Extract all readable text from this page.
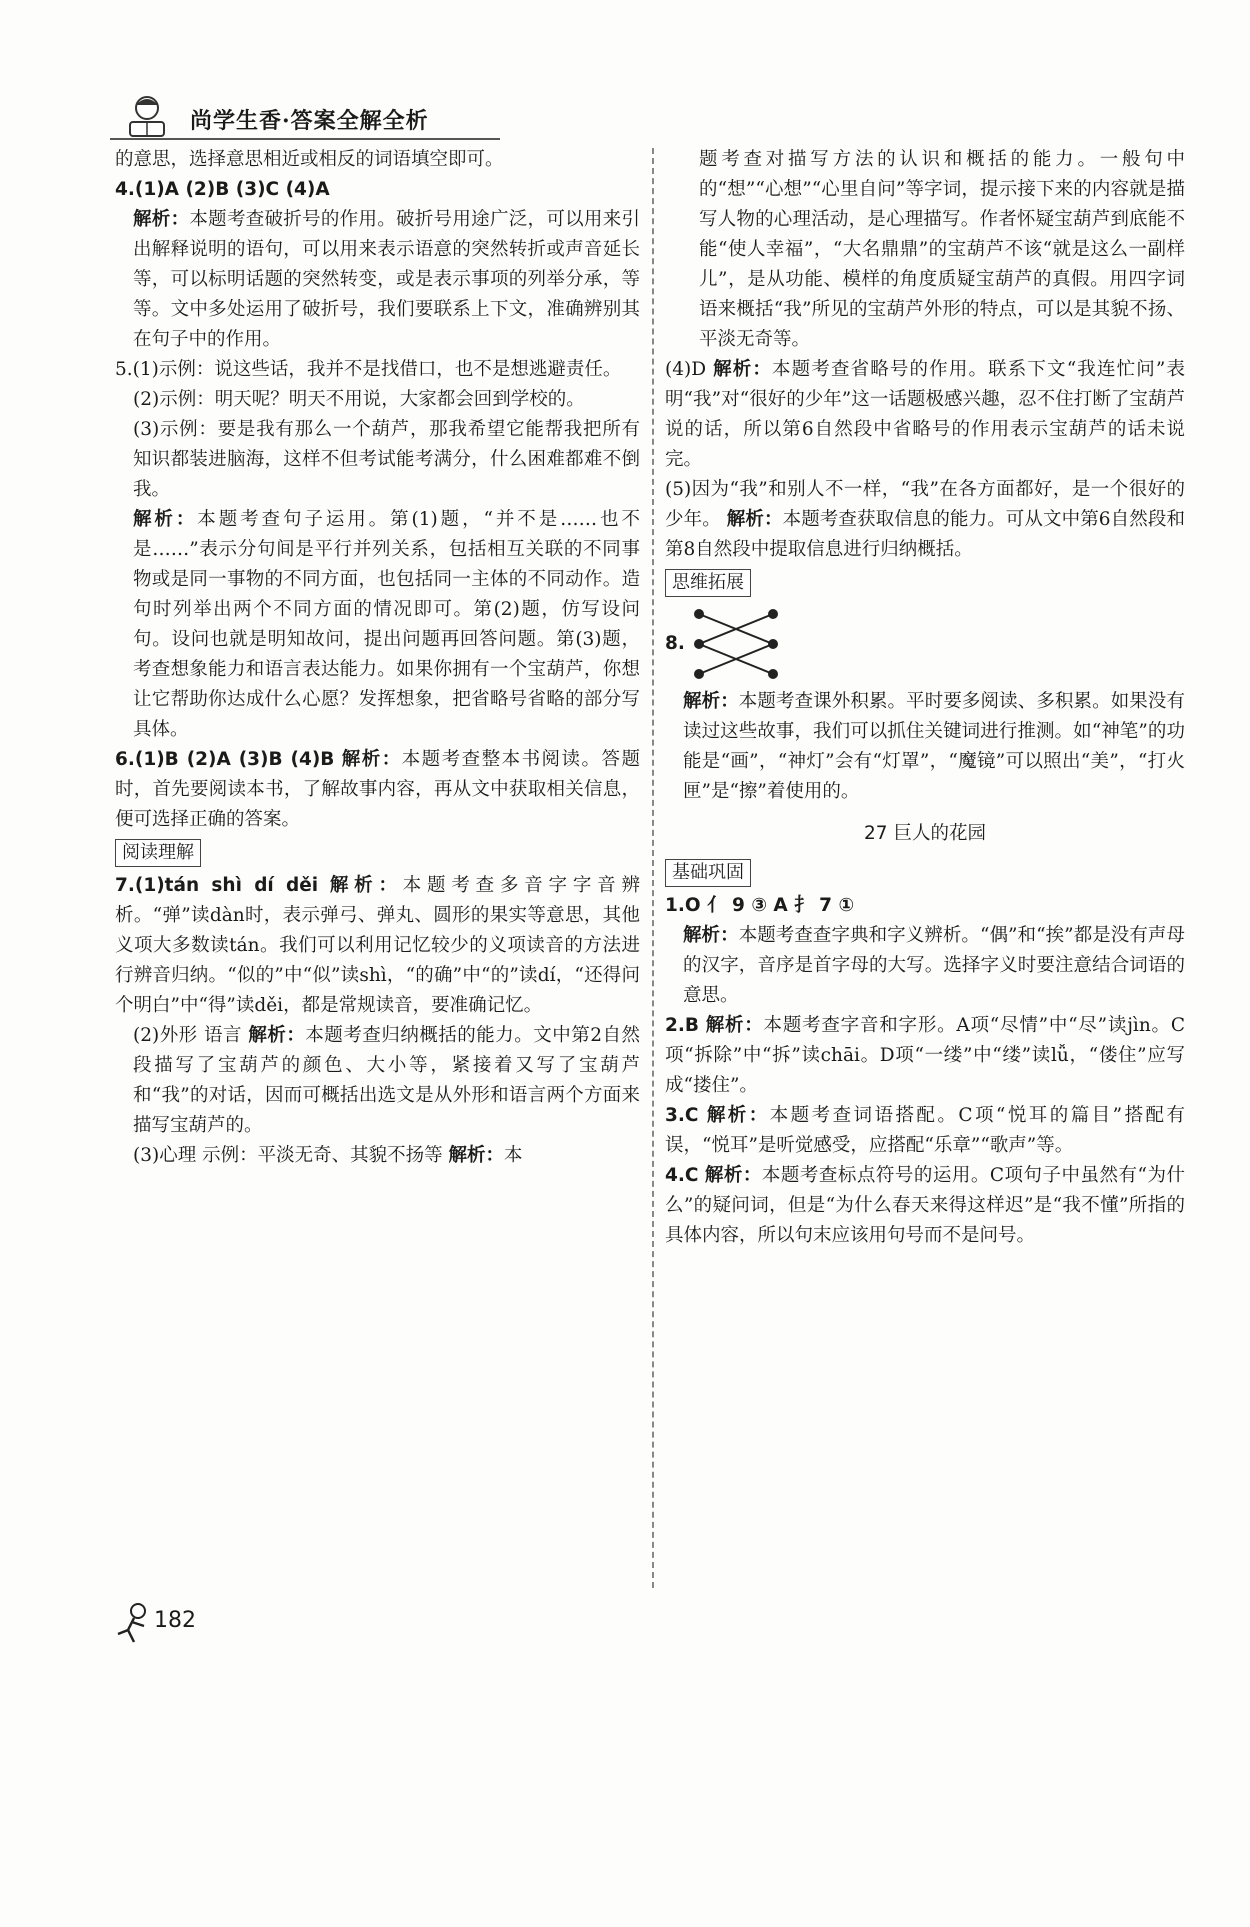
尚学生香·答案全解全析

的意思，选择意思相近或相反的词语填空即可。

4.(1)A (2)B (3)C (4)A

解析：本题考查破折号的作用。破折号用途广泛，可以用来引出解释说明的语句，可以用来表示语意的突然转折或声音延长等，可以标明话题的突然转变，或是表示事项的列举分承，等等。文中多处运用了破折号，我们要联系上下文，准确辨别其在句子中的作用。

5.(1)示例：说这些话，我并不是找借口，也不是想逃避责任。

(2)示例：明天呢？明天不用说，大家都会回到学校的。

(3)示例：要是我有那么一个葫芦，那我希望它能帮我把所有知识都装进脑海，这样不但考试能考满分，什么困难都难不倒我。

解析：本题考查句子运用。第(1)题，“并不是……也不是……”表示分句间是平行并列关系，包括相互关联的不同事物或是同一事物的不同方面，也包括同一主体的不同动作。造句时列举出两个不同方面的情况即可。第(2)题，仿写设问句。设问也就是明知故问，提出问题再回答问题。第(3)题，考查想象能力和语言表达能力。如果你拥有一个宝葫芦，你想让它帮助你达成什么心愿？发挥想象，把省略号省略的部分写具体。

6.(1)B (2)A (3)B (4)B 解析：本题考查整本书阅读。答题时，首先要阅读本书，了解故事内容，再从文中获取相关信息，便可选择正确的答案。

阅读理解

7.(1)tán shì dí děi 解析：本题考查多音字字音辨析。“弹”读dàn时，表示弹弓、弹丸、圆形的果实等意思，其他义项大多数读tán。我们可以利用记忆较少的义项读音的方法进行辨音归纳。“似的”中“似”读shì，“的确”中“的”读dí，“还得问个明白”中“得”读děi，都是常规读音，要准确记忆。

(2)外形 语言 解析：本题考查归纳概括的能力。文中第2自然段描写了宝葫芦的颜色、大小等，紧接着又写了宝葫芦和“我”的对话，因而可概括出选文是从外形和语言两个方面来描写宝葫芦的。

(3)心理 示例：平淡无奇、其貌不扬等 解析：本

题考查对描写方法的认识和概括的能力。一般句中的“想”“心想”“心里自问”等字词，提示接下来的内容就是描写人物的心理活动，是心理描写。作者怀疑宝葫芦到底能不能“使人幸福”，“大名鼎鼎”的宝葫芦不该“就是这么一副样儿”，是从功能、模样的角度质疑宝葫芦的真假。用四字词语来概括“我”所见的宝葫芦外形的特点，可以是其貌不扬、平淡无奇等。

(4)D 解析：本题考查省略号的作用。联系下文“我连忙问”表明“我”对“很好的少年”这一话题极感兴趣，忍不住打断了宝葫芦说的话，所以第6自然段中省略号的作用表示宝葫芦的话未说完。

(5)因为“我”和别人不一样，“我”在各方面都好，是一个很好的少年。 解析：本题考查获取信息的能力。可从文中第6自然段和第8自然段中提取信息进行归纳概括。

思维拓展
8.

解析：本题考查课外积累。平时要多阅读、多积累。如果没有读过这些故事，我们可以抓住关键词进行推测。如“神笔”的功能是“画”，“神灯”会有“灯罩”，“魔镜”可以照出“美”，“打火匣”是“擦”着使用的。

27 巨人的花园
基础巩固

1.O 亻 9 ③ A 扌 7 ①

解析：本题考查查字典和字义辨析。“偶”和“挨”都是没有声母的汉字，音序是首字母的大写。选择字义时要注意结合词语的意思。

2.B 解析：本题考查字音和字形。A项“尽情”中“尽”读jìn。C项“拆除”中“拆”读chāi。D项“一缕”中“缕”读lǚ，“偻住”应写成“搂住”。

3.C 解析：本题考查词语搭配。C项“悦耳的篇目”搭配有误，“悦耳”是听觉感受，应搭配“乐章”“歌声”等。

4.C 解析：本题考查标点符号的运用。C项句子中虽然有“为什么”的疑问词，但是“为什么春天来得这样迟”是“我不懂”所指的具体内容，所以句末应该用句号而不是问号。

182
